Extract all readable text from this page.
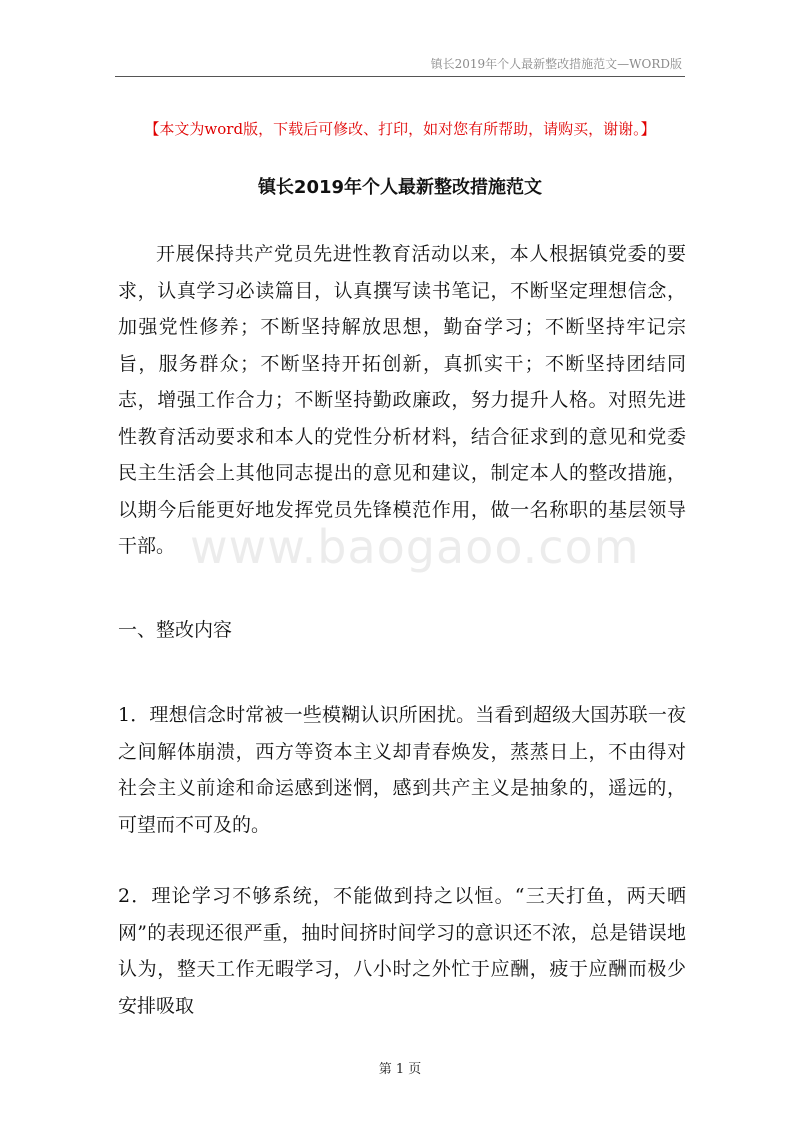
镇长2019年个人最新整改措施范文—WORD版
【本文为word版，下载后可修改、打印，如对您有所帮助，请购买，谢谢。】
镇长2019年个人最新整改措施范文

开展保持共产党员先进性教育活动以来，本人根据镇党委的要求，认真学习必读篇目，认真撰写读书笔记，不断坚定理想信念，加强党性修养；不断坚持解放思想，勤奋学习；不断坚持牢记宗旨，服务群众；不断坚持开拓创新，真抓实干；不断坚持团结同志，增强工作合力；不断坚持勤政廉政，努力提升人格。对照先进性教育活动要求和本人的党性分析材料，结合征求到的意见和党委民主生活会上其他同志提出的意见和建议，制定本人的整改措施，以期今后能更好地发挥党员先锋模范作用，做一名称职的基层领导干部。 www.baogaoo.com

一、整改内容

1．理想信念时常被一些模糊认识所困扰。当看到超级大国苏联一夜之间解体崩溃，西方等资本主义却青春焕发，蒸蒸日上，不由得对社会主义前途和命运感到迷惘，感到共产主义是抽象的，遥远的，可望而不可及的。

2．理论学习不够系统，不能做到持之以恒。“三天打鱼，两天晒网”的表现还很严重，抽时间挤时间学习的意识还不浓，总是错误地认为，整天工作无暇学习，八小时之外忙于应酬，疲于应酬而极少安排吸取

第 1 页
